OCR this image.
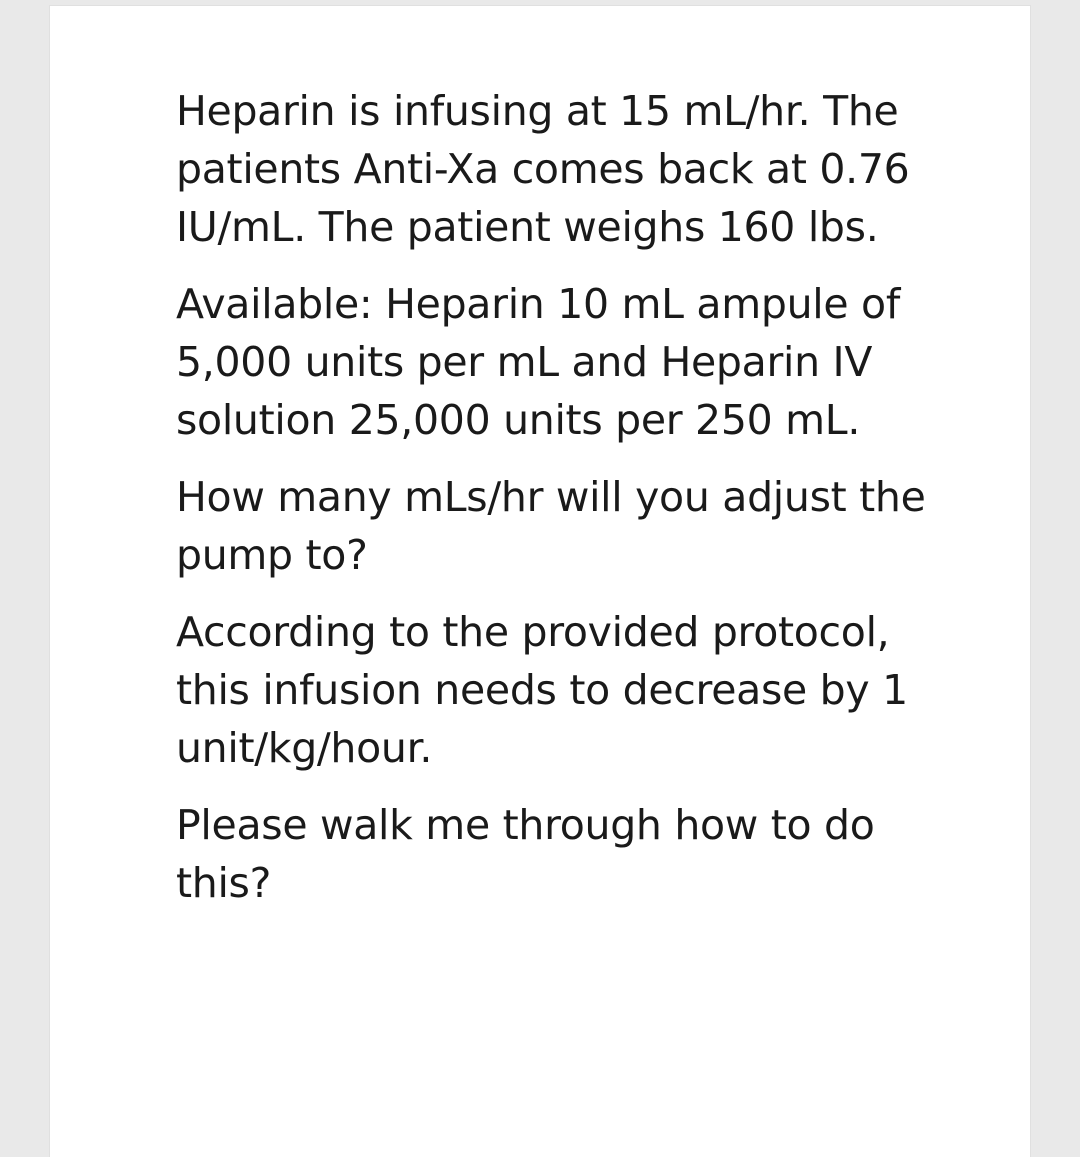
Heparin is infusing at 15 mL/hr. The patients Anti-Xa comes back at 0.76 IU/mL. The patient weighs 160 lbs.

Available: Heparin 10 mL ampule of 5,000 units per mL and Heparin IV solution 25,000 units per 250 mL.

How many mLs/hr will you adjust the pump to?

According to the provided protocol, this infusion needs to decrease by 1 unit/kg/hour.

Please walk me through how to do this?
